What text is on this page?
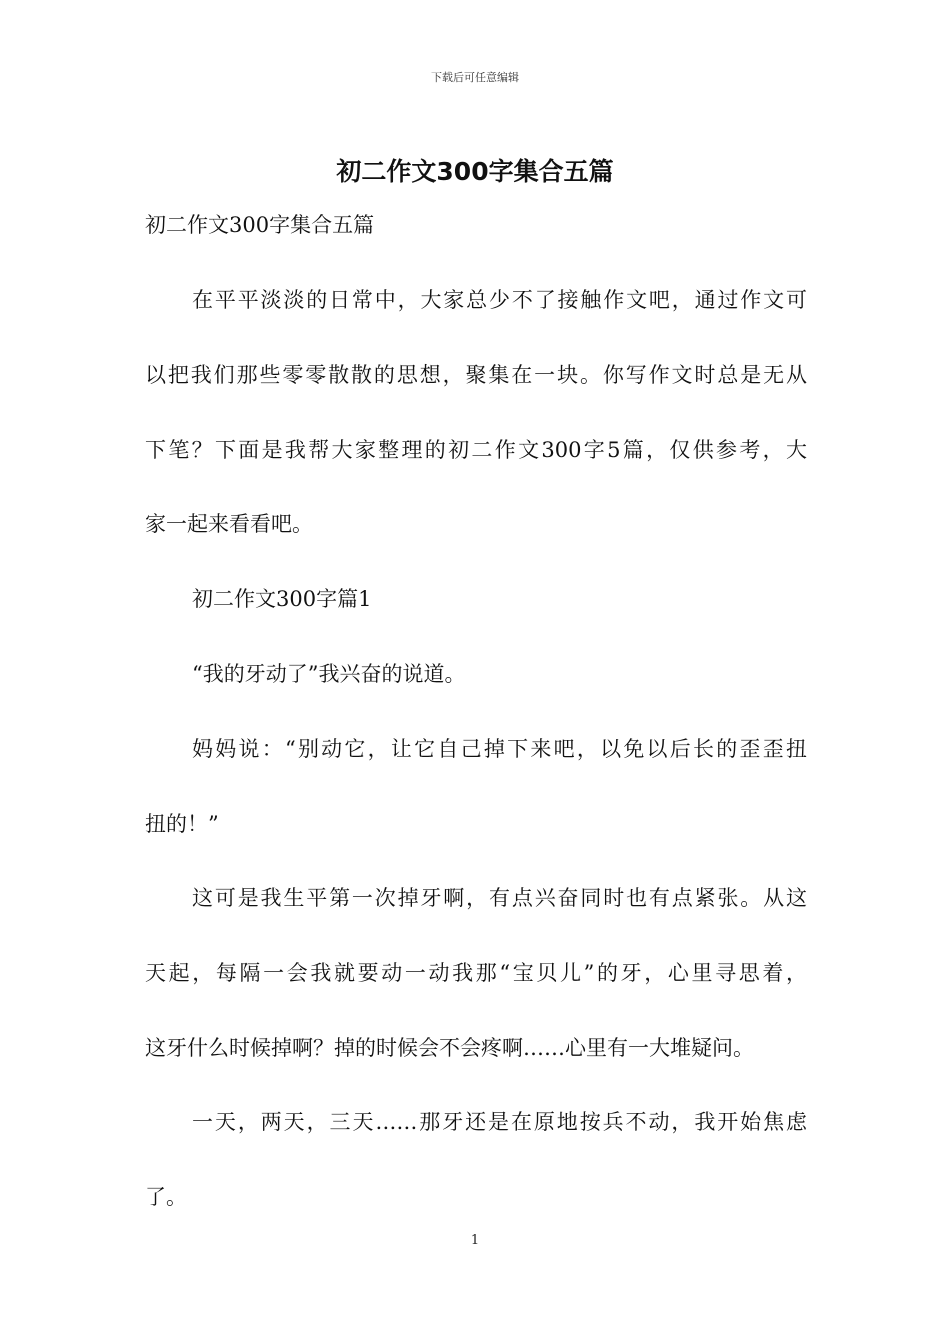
下载后可任意编辑
初二作文300字集合五篇
初二作文300字集合五篇
在平平淡淡的日常中，大家总少不了接触作文吧，通过作文可
以把我们那些零零散散的思想，聚集在一块。你写作文时总是无从
下笔？下面是我帮大家整理的初二作文300字5篇，仅供参考，大
家一起来看看吧。
初二作文300字篇1
“我的牙动了”我兴奋的说道。
妈妈说：“别动它，让它自己掉下来吧，以免以后长的歪歪扭
扭的！”
这可是我生平第一次掉牙啊，有点兴奋同时也有点紧张。从这
天起，每隔一会我就要动一动我那“宝贝儿”的牙，心里寻思着，
这牙什么时候掉啊？掉的时候会不会疼啊……心里有一大堆疑问。
一天，两天，三天……那牙还是在原地按兵不动，我开始焦虑
了。
1
